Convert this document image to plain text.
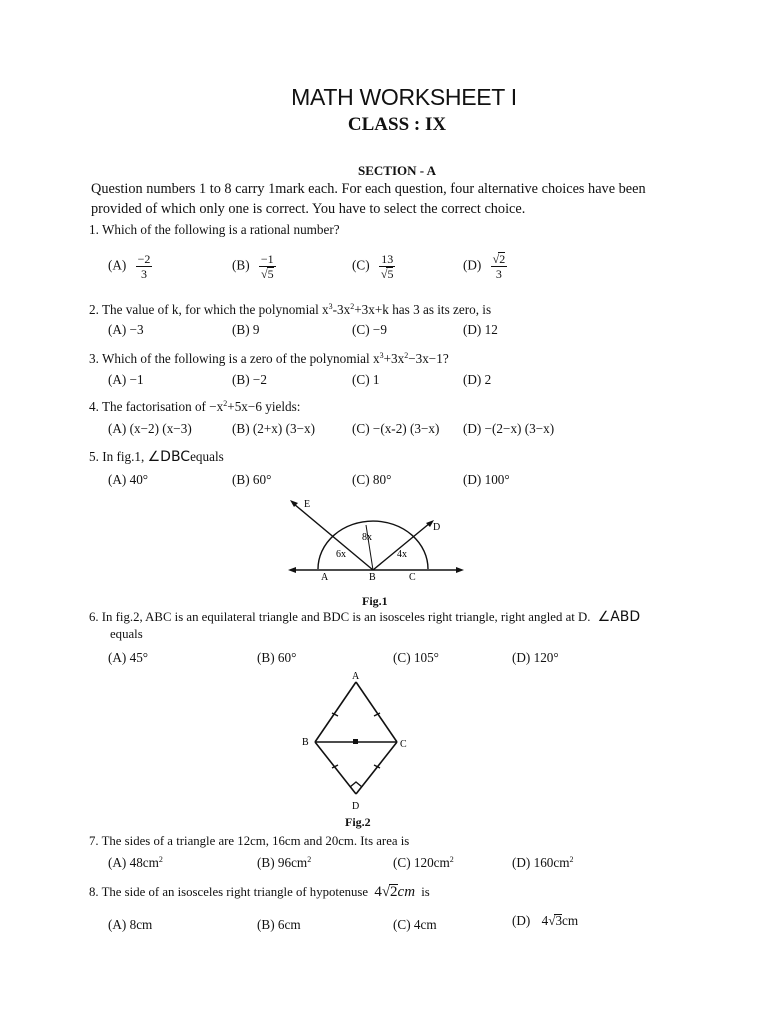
MATH WORKSHEET I
CLASS : IX
SECTION - A
Question numbers 1 to 8 carry 1mark each. For each question, four alternative choices have been
provided of which only one is correct. You have to select the correct choice.
1. Which of the following is a rational number?
$(A) \frac{-2}{3}$	$(B) \frac{-1}{√5}$	$(C) \frac{13}{√5}$	$(D) \frac{√2}{3}$
2. The value of k, for which the polynomial $x^3-3x^2+3x+k$ has 3 as its zero, is
(A) −3	(B) 9	(C) −9	(D) 12
3. Which of the following is a zero of the polynomial $x^3+3x^2-3x-1$?
(A) −1	(B) −2	(C) 1	(D) 2
4. The factorisation of $-x^2+5x-6$ yields:
(A) (x−2) (x−3)	(B) (2+x) (3−x)	(C) −(x-2) (3−x) (D) −(2−x) (3−x)
5. In fig.1, ∠DBCequals
(A) 40°	(B) 60°	(C) 80°	(D) 100°
E
D
A	B	C
6x
8x
4x
Fig.1
6. In fig.2, ABC is an equilateral triangle and BDC is an isosceles right triangle, right angled at D. ∠ABD
equals
(A) 45°	(B) 60°	(C) 105°	(D) 120°
A
B	C
D
Fig.2
7. The sides of a triangle are 12cm, 16cm and 20cm. Its area is
(A) $48cm^2$	(B) $96cm^2$	(C) $120cm^2$	(D) $160cm^2$
8. The side of an isosceles right triangle of hypotenuse 4√2cm is
(A) 8cm	(B) 6cm	(C) 4cm	(D) 4√3cm
